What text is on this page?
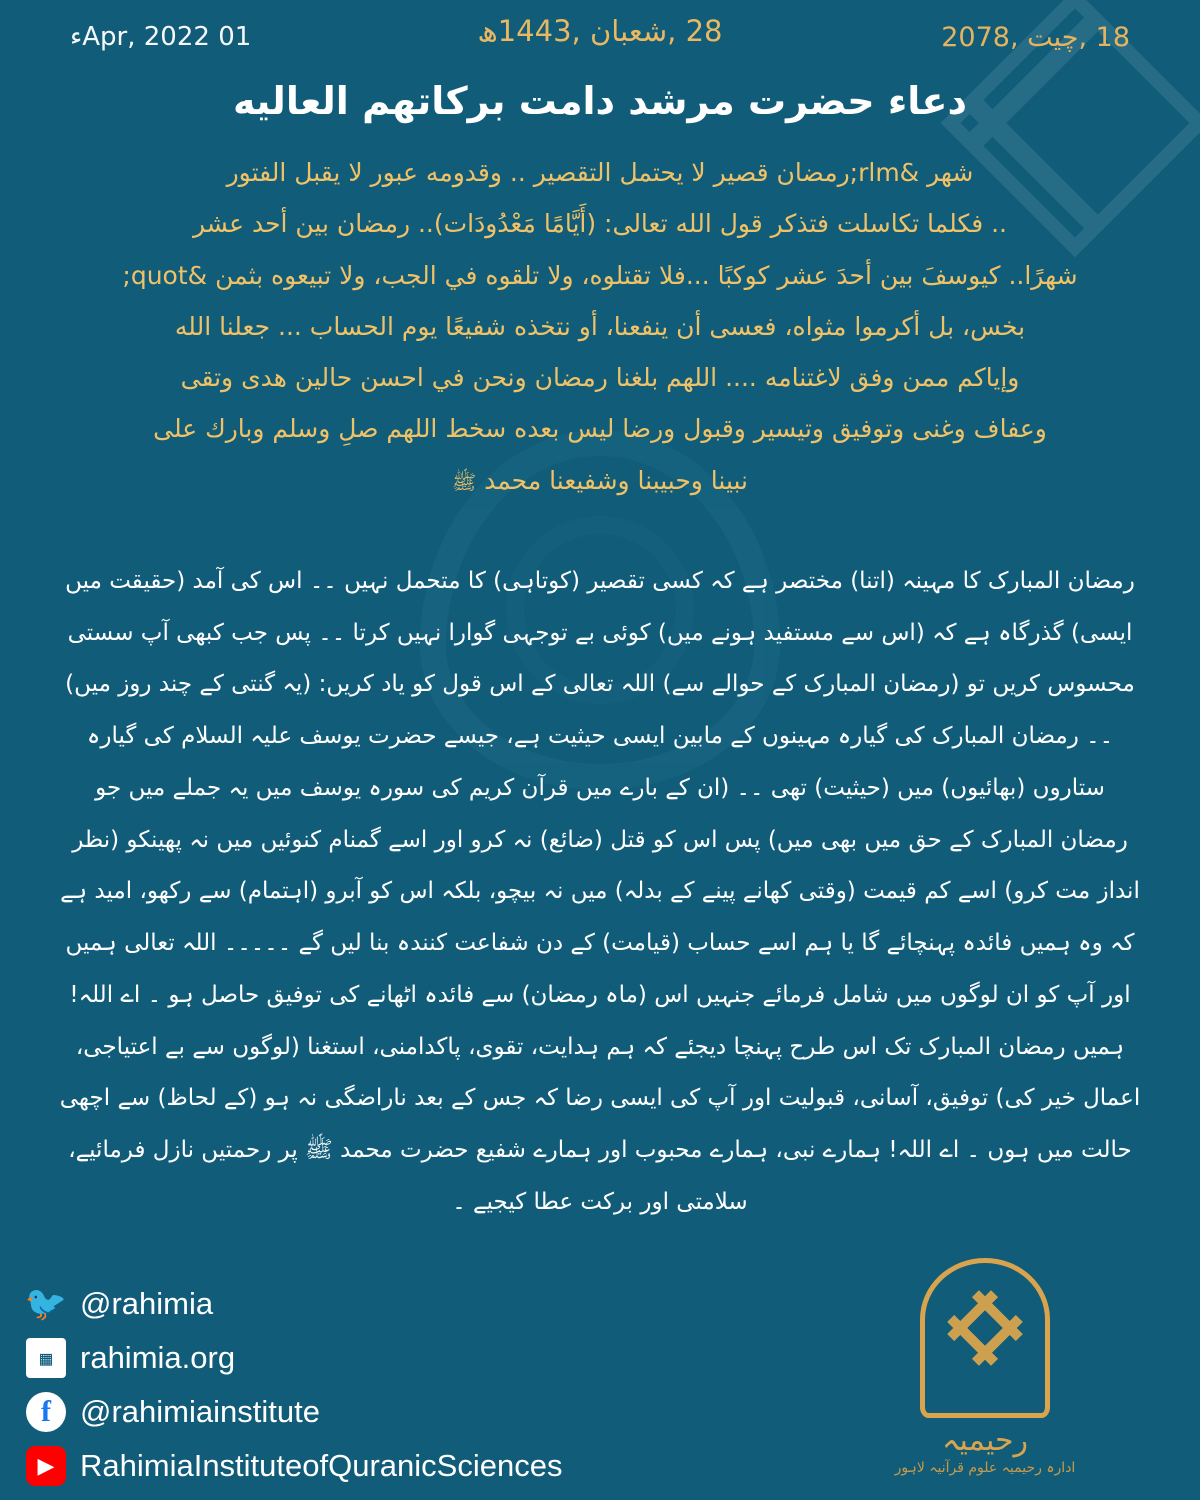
18 ,چیت ,2078
28 ,شعبان ,1443ھ
01 Apr, 2022ء
دعاء حضرت مرشد دامت بركاتهم العاليه
شهر &rlm;رمضان قصير لا يحتمل التقصير .. وقدومه عبور لا يقبل الفتور
.. فكلما تكاسلت فتذكر قول الله تعالى: (أَيَّامًا مَعْدُودَات).. رمضان بين أحد عشر
شهرًا.. كيوسفَ بين أحدَ عشر كوكبًا ...فلا تقتلوه، ولا تلقوه في الجب، ولا تبيعوه بثمن &quot;
بخس، بل أكرموا مثواه، فعسى أن ينفعنا، أو نتخذه شفيعًا يوم الحساب ... جعلنا الله
وإياكم ممن وفق لاغتنامه .... اللهم بلغنا رمضان ونحن في احسن حالين هدى وتقى
وعفاف وغنى وتوفيق وتيسير وقبول ورضا ليس بعده سخط اللهم صلِ وسلم وبارك على
نبينا وحبيبنا وشفيعنا محمد ﷺ

رمضان المبارک کا مہینہ (اتنا) مختصر ہے کہ کسی تقصیر (کوتاہی) کا متحمل نہیں ۔۔ اس کی آمد (حقیقت میں ایسی) گذرگاہ ہے کہ (اس سے مستفید ہونے میں) کوئی بے توجہی گوارا نہیں کرتا ۔۔ پس جب کبھی آپ سستی محسوس کریں تو (رمضان المبارک کے حوالے سے) اللہ تعالی کے اس قول کو یاد کریں: (یہ گنتی کے چند روز میں) ۔۔ رمضان المبارک کی گیارہ مہینوں کے مابین ایسی حیثیت ہے، جیسے حضرت یوسف علیہ السلام کی گیارہ ستاروں (بھائیوں) میں (حیثیت) تھی ۔۔ (ان کے بارے میں قرآن کریم کی سورہ یوسف میں یہ جملے میں جو رمضان المبارک کے حق میں بھی میں) پس اس کو قتل (ضائع) نہ کرو اور اسے گمنام کنوئیں میں نہ پھینکو (نظر انداز مت کرو) اسے کم قیمت (وقتی کھانے پینے کے بدلہ) میں نہ بیچو، بلکہ اس کو آبرو (اہتمام) سے رکھو، امید ہے کہ وہ ہمیں فائدہ پہنچائے گا یا ہم اسے حساب (قیامت) کے دن شفاعت کنندہ بنا لیں گے ۔۔۔۔۔ اللہ تعالی ہمیں اور آپ کو ان لوگوں میں شامل فرمائے جنہیں اس (ماہ رمضان) سے فائدہ اٹھانے کی توفیق حاصل ہو ۔ اے اللہ! ہمیں رمضان المبارک تک اس طرح پہنچا دیجئے کہ ہم ہدایت، تقوی، پاکدامنی، استغنا (لوگوں سے بے اعتیاجی، اعمال خیر کی) توفیق، آسانی، قبولیت اور آپ کی ایسی رضا کہ جس کے بعد ناراضگی نہ ہو (کے لحاظ) سے اچھی حالت میں ہوں ۔ اے اللہ! ہمارے نبی، ہمارے محبوب اور ہمارے شفیع حضرت محمد ﷺ پر رحمتیں نازل فرمائیے، سلامتی اور برکت عطا کیجیے ۔

🐦 @rahimia
▦ rahimia.org
f @rahimiainstitute
▶ RahimiaInstituteofQuranicSciences
رحیمیہ
ادارہ رحیمیہ علوم قرآنیہ لاہور
